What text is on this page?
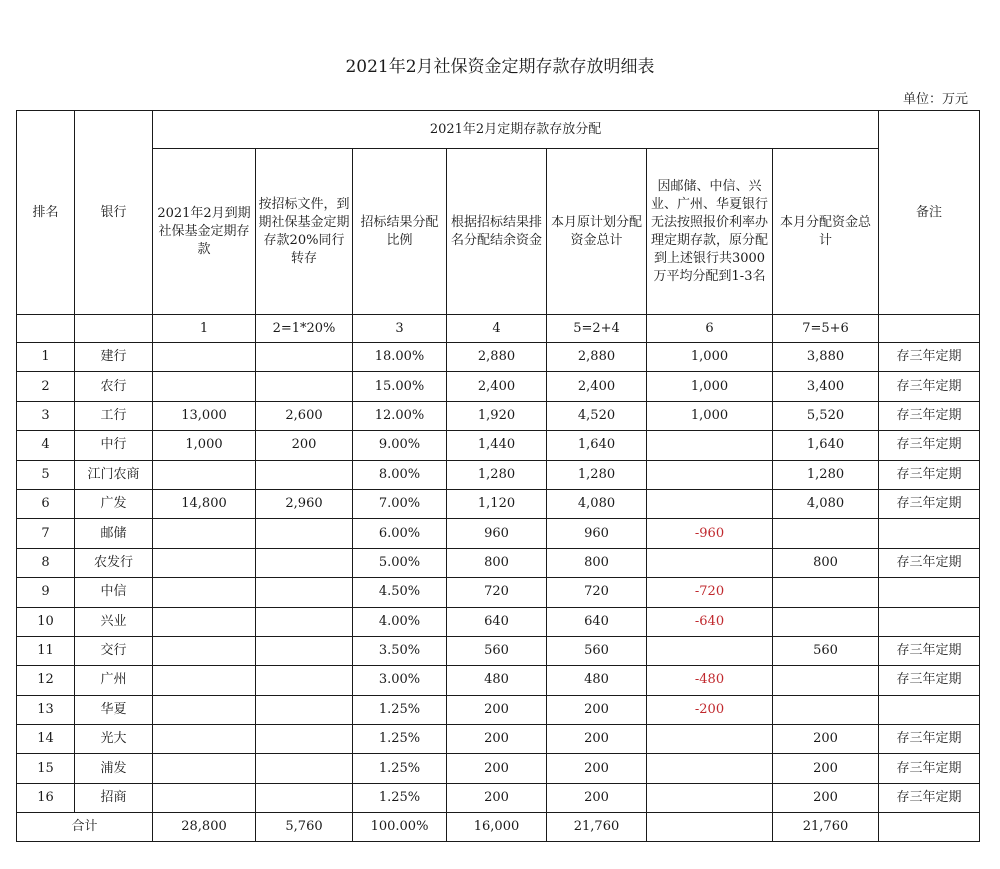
2021年2月社保资金定期存款存放明细表
单位：万元
排名	银行	2021年2月定期存款存放分配							备注
		2021年2月到期社保基金定期存款	按招标文件，到期社保基金定期存款20%同行转存	招标结果分配比例	根据招标结果排名分配结余资金	本月原计划分配资金总计	因邮储、中信、兴业、广州、华夏银行无法按照报价利率办理定期存款，原分配到上述银行共3000万平均分配到1-3名	本月分配资金总计	
		1	2=1*20%	3	4	5=2+4	6	7=5+6	
1	建行			18.00%	2,880	2,880	1,000	3,880	存三年定期
2	农行			15.00%	2,400	2,400	1,000	3,400	存三年定期
3	工行	13,000	2,600	12.00%	1,920	4,520	1,000	5,520	存三年定期
4	中行	1,000	200	9.00%	1,440	1,640		1,640	存三年定期
5	江门农商			8.00%	1,280	1,280		1,280	存三年定期
6	广发	14,800	2,960	7.00%	1,120	4,080		4,080	存三年定期
7	邮储			6.00%	960	960	-960		
8	农发行			5.00%	800	800		800	存三年定期
9	中信			4.50%	720	720	-720		
10	兴业			4.00%	640	640	-640		
11	交行			3.50%	560	560		560	存三年定期
12	广州			3.00%	480	480	-480		存三年定期
13	华夏			1.25%	200	200	-200		
14	光大			1.25%	200	200		200	存三年定期
15	浦发			1.25%	200	200		200	存三年定期
16	招商			1.25%	200	200		200	存三年定期
合计		28,800	5,760	100.00%	16,000	21,760		21,760	
